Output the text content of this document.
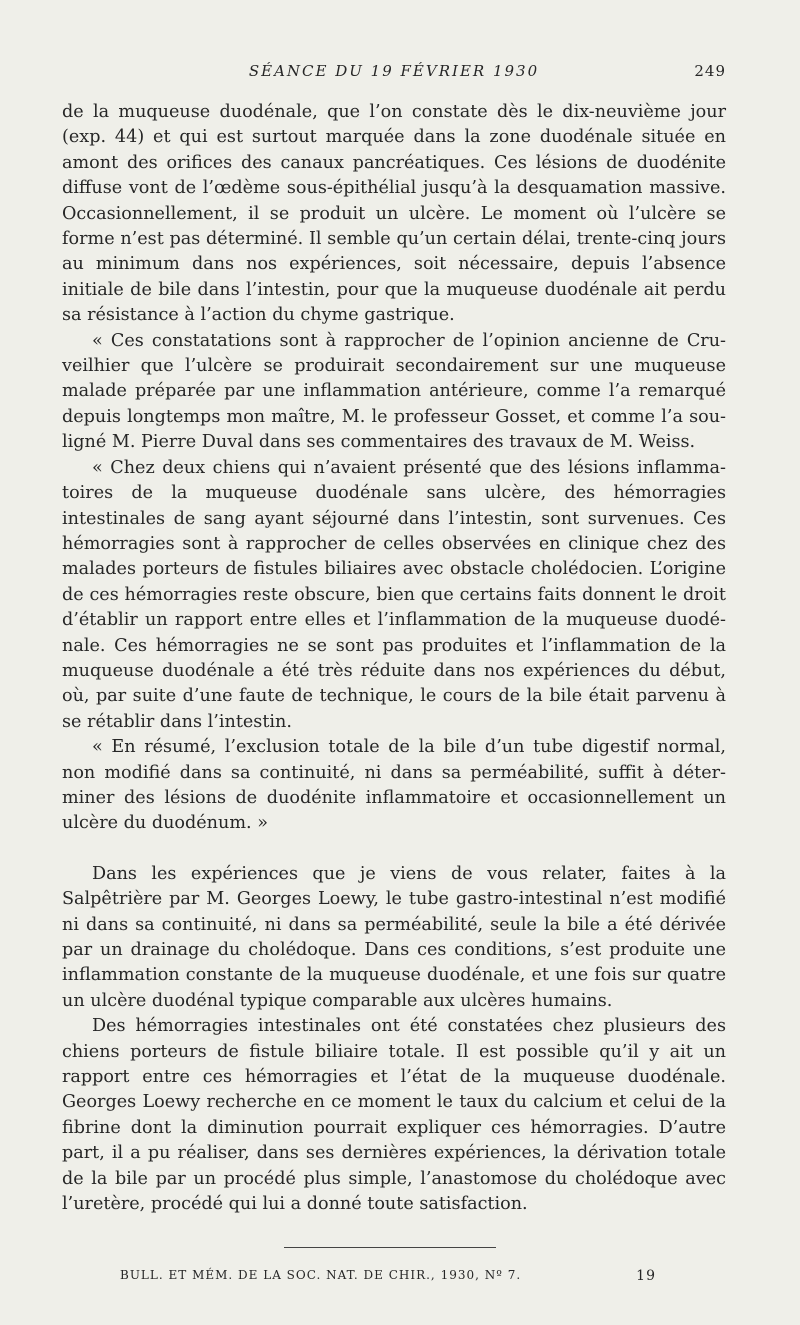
SÉANCE DU 19 FÉVRIER 1930	249

de la muqueuse duodénale, que l’on constate dès le dix-neuvième jour (exp. 44) et qui est surtout marquée dans la zone duodénale située en amont des orifices des canaux pancréatiques. Ces lésions de duodénite diffuse vont de l’œdème sous-épithélial jusqu’à la desquamation massive. Occasionnellement, il se produit un ulcère. Le moment où l’ulcère se forme n’est pas déterminé. Il semble qu’un certain délai, trente-cinq jours au minimum dans nos expériences, soit nécessaire, depuis l’absence initiale de bile dans l’intestin, pour que la muqueuse duodénale ait perdu sa résistance à l’action du chyme gastrique.

« Ces constatations sont à rapprocher de l’opinion ancienne de Cruveilhier que l’ulcère se produirait secondairement sur une muqueuse malade préparée par une inflammation antérieure, comme l’a remarqué depuis longtemps mon maître, M. le professeur Gosset, et comme l’a souligné M. Pierre Duval dans ses commentaires des travaux de M. Weiss.

« Chez deux chiens qui n’avaient présenté que des lésions inflammatoires de la muqueuse duodénale sans ulcère, des hémorragies intestinales de sang ayant séjourné dans l’intestin, sont survenues. Ces hémorragies sont à rapprocher de celles observées en clinique chez des malades porteurs de fistules biliaires avec obstacle cholédocien. L’origine de ces hémorragies reste obscure, bien que certains faits donnent le droit d’établir un rapport entre elles et l’inflammation de la muqueuse duodénale. Ces hémorragies ne se sont pas produites et l’inflammation de la muqueuse duodénale a été très réduite dans nos expériences du début, où, par suite d’une faute de technique, le cours de la bile était parvenu à se rétablir dans l’intestin.

« En résumé, l’exclusion totale de la bile d’un tube digestif normal, non modifié dans sa continuité, ni dans sa perméabilité, suffit à déterminer des lésions de duodénite inflammatoire et occasionnellement un ulcère du duodénum. »

Dans les expériences que je viens de vous relater, faites à la Salpêtrière par M. Georges Loewy, le tube gastro-intestinal n’est modifié ni dans sa continuité, ni dans sa perméabilité, seule la bile a été dérivée par un drainage du cholédoque. Dans ces conditions, s’est produite une inflammation constante de la muqueuse duodénale, et une fois sur quatre un ulcère duodénal typique comparable aux ulcères humains.

Des hémorragies intestinales ont été constatées chez plusieurs des chiens porteurs de fistule biliaire totale. Il est possible qu’il y ait un rapport entre ces hémorragies et l’état de la muqueuse duodénale. Georges Loewy recherche en ce moment le taux du calcium et celui de la fibrine dont la diminution pourrait expliquer ces hémorragies. D’autre part, il a pu réaliser, dans ses dernières expériences, la dérivation totale de la bile par un procédé plus simple, l’anastomose du cholédoque avec l’uretère, procédé qui lui a donné toute satisfaction.

BULL. ET MÉM. DE LA SOC. NAT. DE CHIR., 1930, Nº 7.	19
